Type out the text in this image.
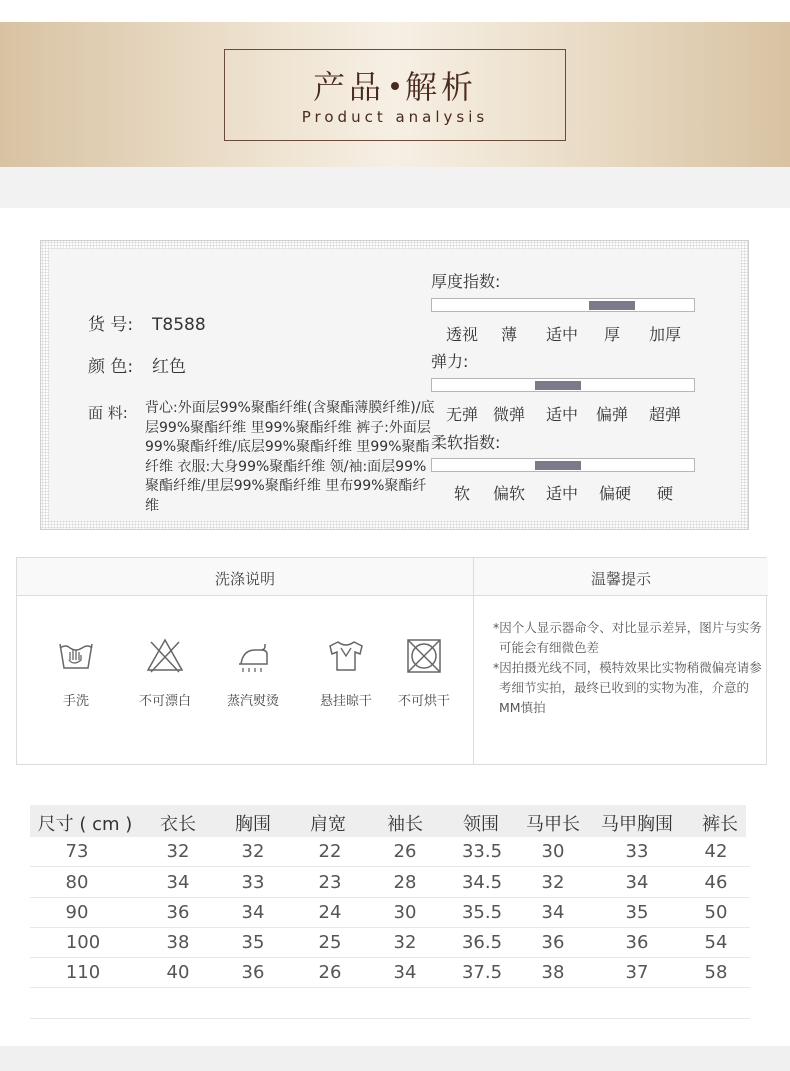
产品 解析
Product analysis
货 号: T8588
颜 色: 红色
面 料: 背心:外面层99%聚酯纤维(含聚酯薄膜纤维)/底层99%聚酯纤维 里99%聚酯纤维 裤子:外面层99%聚酯纤维/底层99%聚酯纤维 里99%聚酯纤维 衣服:大身99%聚酯纤维 领/袖:面层99%聚酯纤维/里层99%聚酯纤维 里布99%聚酯纤维
厚度指数:
透视 薄 适中 厚 加厚
弹力:
无弹 微弹 适中 偏弹 超弹
柔软指数:
软 偏软 适中 偏硬 硬
洗涤说明	温馨提示
手洗	不可漂白	蒸汽熨烫	悬挂晾干	不可烘干

*因个人显示器命令、对比显示差异，图片与实务可能会有细微色差

*因拍摄光线不同，模特效果比实物稍微偏亮请参考细节实拍，最终已收到的实物为准，介意的MM慎拍

尺寸 ( cm ) 衣长 胸围 肩宽 袖长 领围 马甲长 马甲胸围 裤长
73	32	32	22	26	33.5 30	33	42
80	34	33	23	28	34.5 32	34	46
90	36	34	24	30	35.5 34	35	50
100	38	35	25	32	36.5 36	36	54
110	40	36	26	34	37.5 38	37	58
